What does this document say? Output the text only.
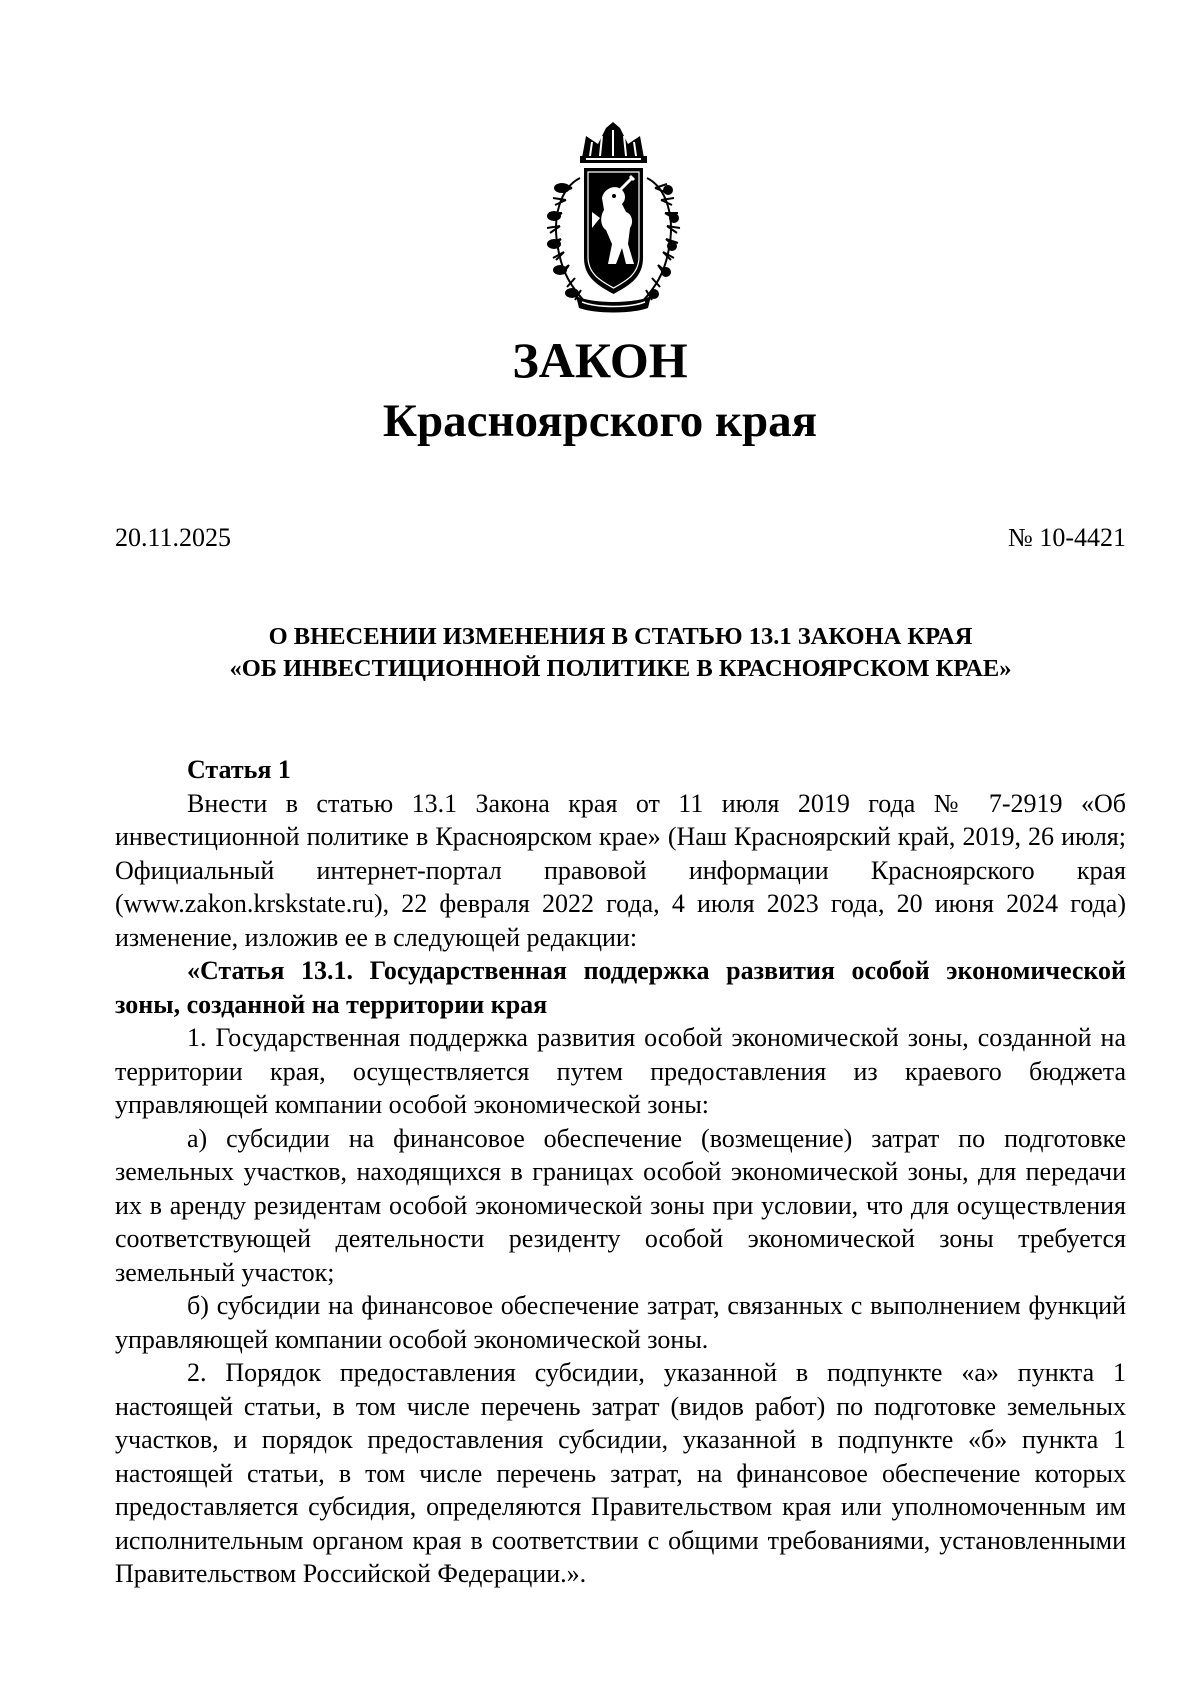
ЗАКОН
Красноярского края
20.11.2025	№ 10-4421
О ВНЕСЕНИИ ИЗМЕНЕНИЯ В СТАТЬЮ 13.1 ЗАКОНА КРАЯ
«ОБ ИНВЕСТИЦИОННОЙ ПОЛИТИКЕ В КРАСНОЯРСКОМ КРАЕ»

Статья 1

Внести в статью 13.1 Закона края от 11 июля 2019 года № 7-2919 «Об инвестиционной политике в Красноярском крае» (Наш Красноярский край, 2019, 26 июля; Официальный интернет-портал правовой информации Красноярского края (www.zakon.krskstate.ru), 22 февраля 2022 года, 4 июля 2023 года, 20 июня 2024 года) изменение, изложив ее в следующей редакции:

«Статья 13.1. Государственная поддержка развития особой экономической зоны, созданной на территории края

1. Государственная поддержка развития особой экономической зоны, созданной на территории края, осуществляется путем предоставления из краевого бюджета управляющей компании особой экономической зоны:

а) субсидии на финансовое обеспечение (возмещение) затрат по подготовке земельных участков, находящихся в границах особой экономической зоны, для передачи их в аренду резидентам особой экономической зоны при условии, что для осуществления соответствующей деятельности резиденту особой экономической зоны требуется земельный участок;

б) субсидии на финансовое обеспечение затрат, связанных с выполнением функций управляющей компании особой экономической зоны.

2. Порядок предоставления субсидии, указанной в подпункте «а» пункта 1 настоящей статьи, в том числе перечень затрат (видов работ) по подготовке земельных участков, и порядок предоставления субсидии, указанной в подпункте «б» пункта 1 настоящей статьи, в том числе перечень затрат, на финансовое обеспечение которых предоставляется субсидия, определяются Правительством края или уполномоченным им исполнительным органом края в соответствии с общими требованиями, установленными Правительством Российской Федерации.».
